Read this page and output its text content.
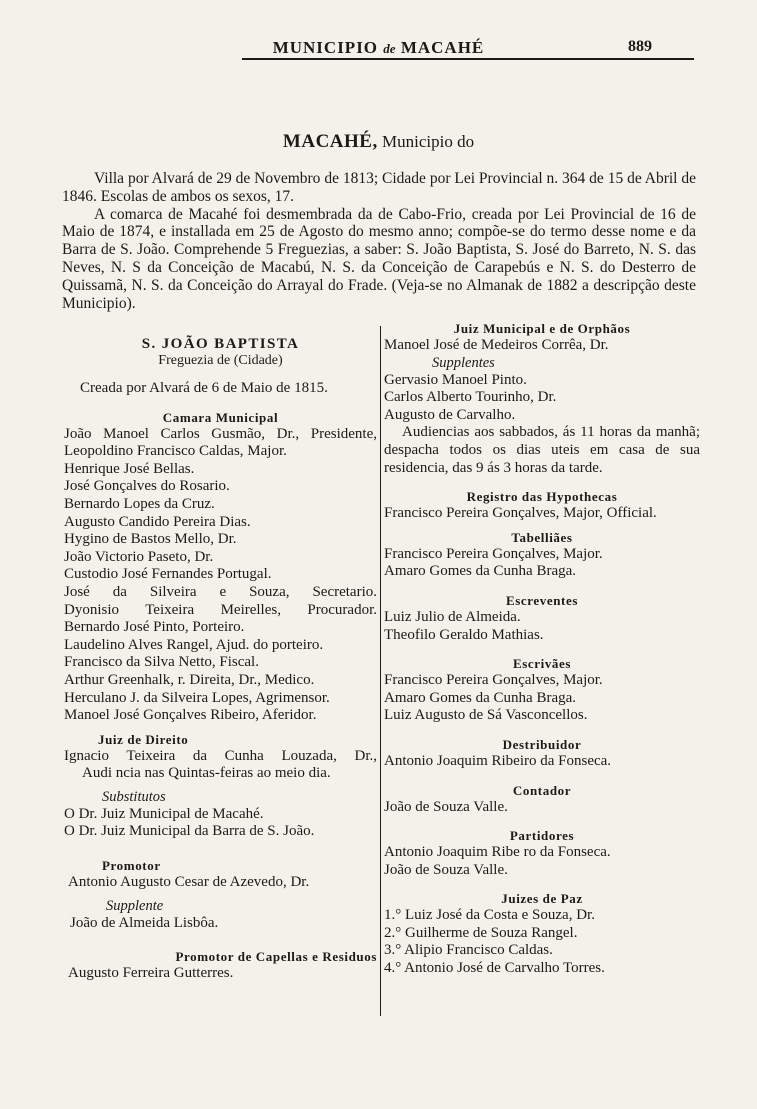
MUNICIPIO de MACAHÉ	889
MACAHÉ, Municipio do

Villa por Alvará de 29 de Novembro de 1813; Cidade por Lei Provincial n. 364 de 15 de Abril de 1846. Escolas de ambos os sexos, 17.

A comarca de Macahé foi desmembrada da de Cabo-Frio, creada por Lei Provincial de 16 de Maio de 1874, e installada em 25 de Agosto do mesmo anno; compõe-se do termo desse nome e da Barra de S. João. Comprehende 5 Freguezias, a saber: S. João Baptista, S. José do Barreto, N. S. das Neves, N. S da Conceição de Macabú, N. S. da Conceição de Carapebús e N. S. do Desterro de Quissamã, N. S. da Conceição do Arrayal do Frade. (Veja-se no Almanak de 1882 a descripção deste Municipio).

S. JOÃO BAPTISTA
Freguezia de (Cidade)
Creada por Alvará de 6 de Maio de 1815.
Camara Municipal
João Manoel Carlos Gusmão, Dr., Presidente,
Leopoldino Francisco Caldas, Major.
Henrique José Bellas.
José Gonçalves do Rosario.
Bernardo Lopes da Cruz.
Augusto Candido Pereira Dias.
Hygino de Bastos Mello, Dr.
João Victorio Paseto, Dr.
Custodio José Fernandes Portugal.
José da Silveira e Souza, Secretario.
Dyonisio Teixeira Meirelles, Procurador.
Bernardo José Pinto, Porteiro.
Laudelino Alves Rangel, Ajud. do porteiro.
Francisco da Silva Netto, Fiscal.
Arthur Greenhalk, r. Direita, Dr., Medico.
Herculano J. da Silveira Lopes, Agrimensor.
Manoel José Gonçalves Ribeiro, Aferidor.
Juiz de Direito
Ignacio Teixeira da Cunha Louzada, Dr.,
Audi ncia nas Quintas-feiras ao meio dia.
Substitutos
O Dr. Juiz Municipal de Macahé.
O Dr. Juiz Municipal da Barra de S. João.
Promotor
Antonio Augusto Cesar de Azevedo, Dr.
Supplente
João de Almeida Lisbôa.
Promotor de Capellas e Residuos
Augusto Ferreira Gutterres.
Juiz Municipal e de Orphãos
Manoel José de Medeiros Corrêa, Dr.
Supplentes
Gervasio Manoel Pinto.
Carlos Alberto Tourinho, Dr.
Augusto de Carvalho.
Audiencias aos sabbados, ás 11 horas da manhã; despacha todos os dias uteis em casa de sua residencia, das 9 ás 3 horas da tarde.
Registro das Hypothecas
Francisco Pereira Gonçalves, Major, Official.
Tabelliães
Francisco Pereira Gonçalves, Major.
Amaro Gomes da Cunha Braga.
Escreventes
Luiz Julio de Almeida.
Theofilo Geraldo Mathias.
Escrivães
Francisco Pereira Gonçalves, Major.
Amaro Gomes da Cunha Braga.
Luiz Augusto de Sá Vasconcellos.
Destribuidor
Antonio Joaquim Ribeiro da Fonseca.
Contador
João de Souza Valle.
Partidores
Antonio Joaquim Ribe ro da Fonseca.
João de Souza Valle.
Juizes de Paz
1.° Luiz José da Costa e Souza, Dr.
2.° Guilherme de Souza Rangel.
3.° Alipio Francisco Caldas.
4.° Antonio José de Carvalho Torres.
